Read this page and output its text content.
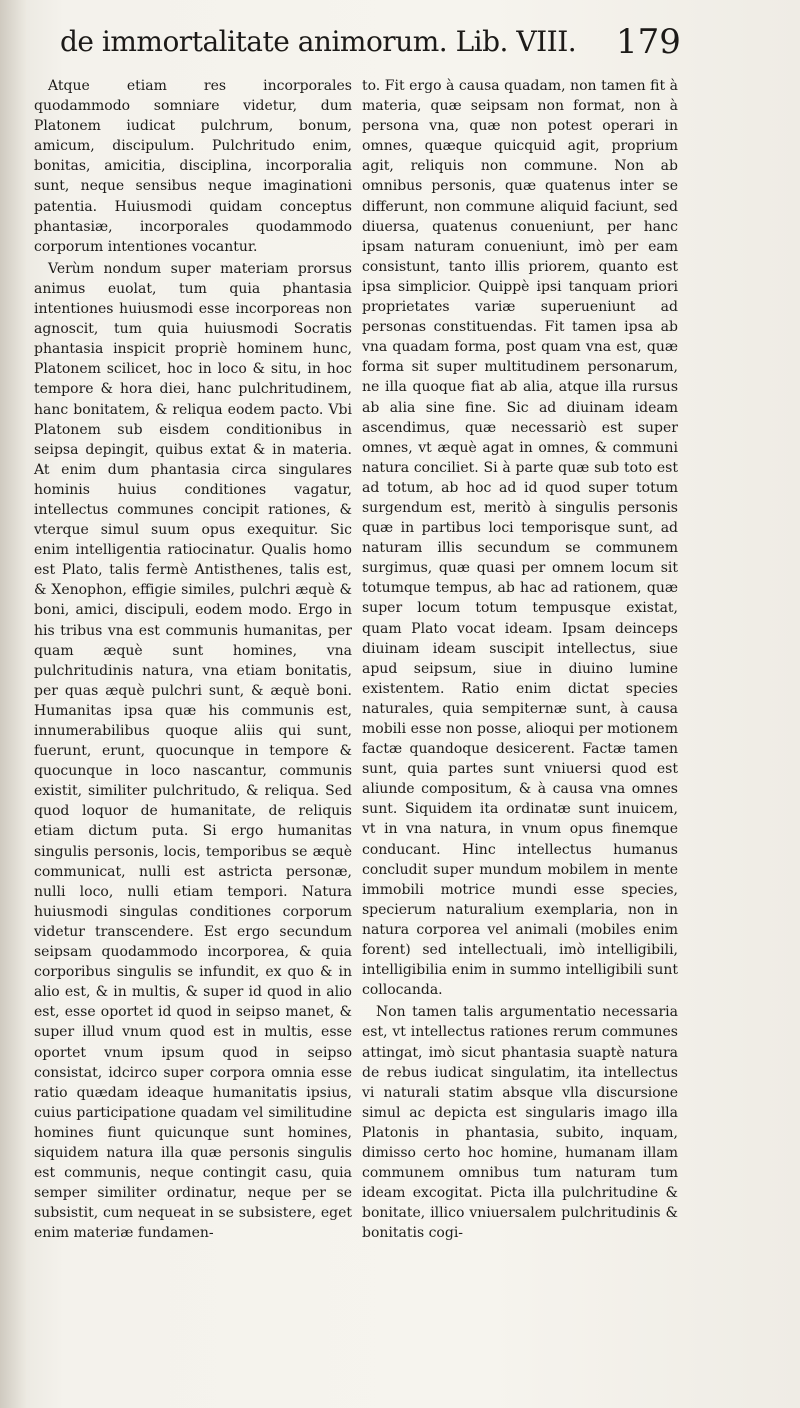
de immortalitate animorum. Lib. VIII. 179

Atque etiam res incorporales quodammodo somniare videtur, dum Platonem iudicat pulchrum, bonum, amicum, discipulum. Pulchritudo enim, bonitas, amicitia, disciplina, incorporalia sunt, neque sensibus neque imaginationi patentia. Huiusmodi quidam conceptus phantasiæ, incorporales quodammodo corporum intentiones vocantur.

Verùm nondum super materiam prorsus animus euolat, tum quia phantasia intentiones huiusmodi esse incorporeas non agnoscit, tum quia huiusmodi Socratis phantasia inspicit propriè hominem hunc, Platonem scilicet, hoc in loco & situ, in hoc tempore & hora diei, hanc pulchritudinem, hanc bonitatem, & reliqua eodem pacto. Vbi Platonem sub eisdem conditionibus in seipsa depingit, quibus extat & in materia. At enim dum phantasia circa singulares hominis huius conditiones vagatur, intellectus communes concipit rationes, & vterque simul suum opus exequitur. Sic enim intelligentia ratiocinatur. Qualis homo est Plato, talis fermè Antisthenes, talis est, & Xenophon, effigie similes, pulchri æquè & boni, amici, discipuli, eodem modo. Ergo in his tribus vna est communis humanitas, per quam æquè sunt homines, vna pulchritudinis natura, vna etiam bonitatis, per quas æquè pulchri sunt, & æquè boni. Humanitas ipsa quæ his communis est, innumerabilibus quoque aliis qui sunt, fuerunt, erunt, quocunque in tempore & quocunque in loco nascantur, communis existit, similiter pulchritudo, & reliqua. Sed quod loquor de humanitate, de reliquis etiam dictum puta. Si ergo humanitas singulis personis, locis, temporibus se æquè communicat, nulli est astricta personæ, nulli loco, nulli etiam tempori. Natura huiusmodi singulas conditiones corporum videtur transcendere. Est ergo secundum seipsam quodammodo incorporea, & quia corporibus singulis se infundit, ex quo & in alio est, & in multis, & super id quod in alio est, esse oportet id quod in seipso manet, & super illud vnum quod est in multis, esse oportet vnum ipsum quod in seipso consistat, idcirco super corpora omnia esse ratio quædam ideaque humanitatis ipsius, cuius participatione quadam vel similitudine homines fiunt quicunque sunt homines, siquidem natura illa quæ personis singulis est communis, neque contingit casu, quia semper similiter ordinatur, neque per se subsistit, cum nequeat in se subsistere, eget enim materiæ fundamen-

to. Fit ergo à causa quadam, non tamen fit à materia, quæ seipsam non format, non à persona vna, quæ non potest operari in omnes, quæque quicquid agit, proprium agit, reliquis non commune. Non ab omnibus personis, quæ quatenus inter se differunt, non commune aliquid faciunt, sed diuersa, quatenus conueniunt, per hanc ipsam naturam conueniunt, imò per eam consistunt, tanto illis priorem, quanto est ipsa simplicior. Quippè ipsi tanquam priori proprietates variæ superueniunt ad personas constituendas. Fit tamen ipsa ab vna quadam forma, post quam vna est, quæ forma sit super multitudinem personarum, ne illa quoque fiat ab alia, atque illa rursus ab alia sine fine. Sic ad diuinam ideam ascendimus, quæ necessariò est super omnes, vt æquè agat in omnes, & communi natura conciliet. Si à parte quæ sub toto est ad totum, ab hoc ad id quod super totum surgendum est, meritò à singulis personis quæ in partibus loci temporisque sunt, ad naturam illis secundum se communem surgimus, quæ quasi per omnem locum sit totumque tempus, ab hac ad rationem, quæ super locum totum tempusque existat, quam Plato vocat ideam. Ipsam deinceps diuinam ideam suscipit intellectus, siue apud seipsum, siue in diuino lumine existentem. Ratio enim dictat species naturales, quia sempiternæ sunt, à causa mobili esse non posse, alioqui per motionem factæ quandoque desicerent. Factæ tamen sunt, quia partes sunt vniuersi quod est aliunde compositum, & à causa vna omnes sunt. Siquidem ita ordinatæ sunt inuicem, vt in vna natura, in vnum opus finemque conducant. Hinc intellectus humanus concludit super mundum mobilem in mente immobili motrice mundi esse species, specierum naturalium exemplaria, non in natura corporea vel animali (mobiles enim forent) sed intellectuali, imò intelligibili, intelligibilia enim in summo intelligibili sunt collocanda.

Non tamen talis argumentatio necessaria est, vt intellectus rationes rerum communes attingat, imò sicut phantasia suaptè natura de rebus iudicat singulatim, ita intellectus vi naturali statim absque vlla discursione simul ac depicta est singularis imago illa Platonis in phantasia, subito, inquam, dimisso certo hoc homine, humanam illam communem omnibus tum naturam tum ideam excogitat. Picta illa pulchritudine & bonitate, illico vniuersalem pulchritudinis & bonitatis cogi-
